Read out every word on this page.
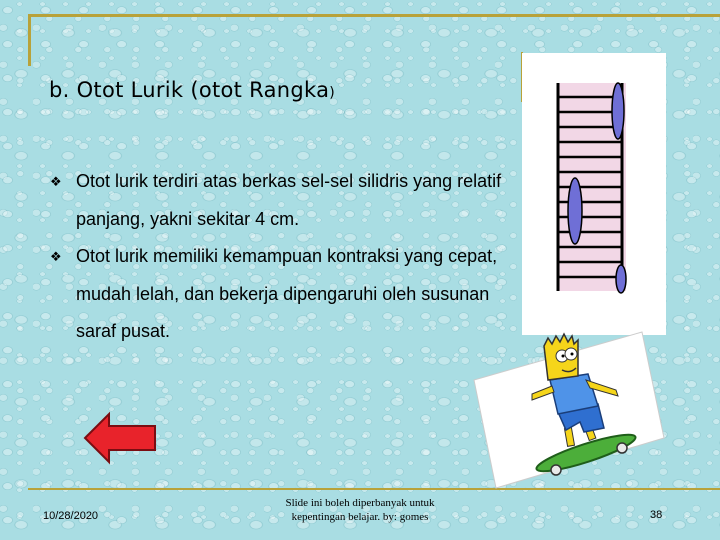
b. Otot Lurik (otot Rangka)
❖ Otot lurik terdiri atas berkas sel-sel silidris yang relatif panjang, yakni sekitar 4 cm.
❖ Otot lurik memiliki kemampuan kontraksi yang cepat, mudah lelah, dan bekerja dipengaruhi oleh susunan saraf pusat.
10/28/2020
Slide ini boleh diperbanyak untuk
kepentingan belajar. by: gomes	38
